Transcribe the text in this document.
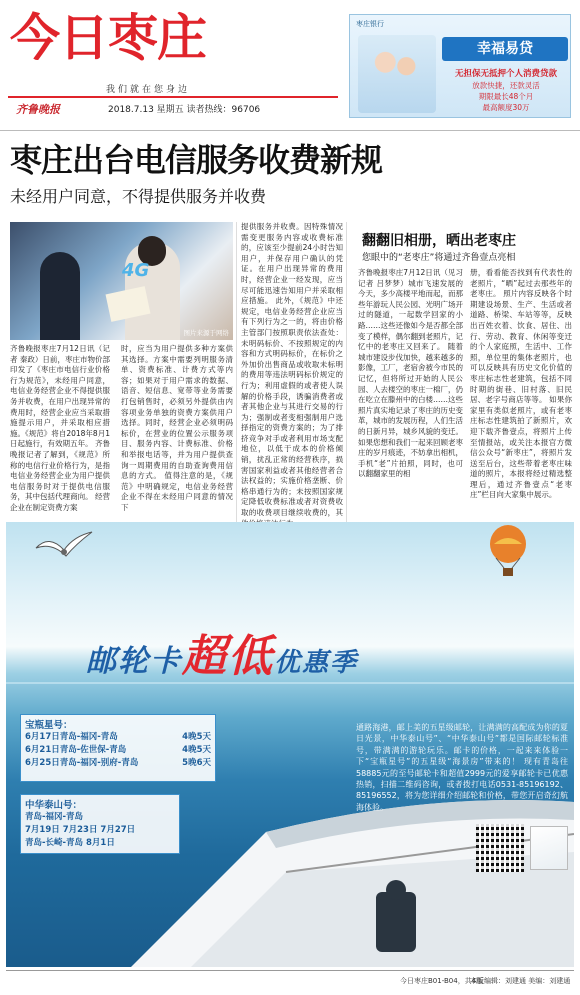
今日枣庄
我们就在您身边
齐鲁晚报	2018.7.13 星期五 读者热线：96706
枣庄银行
幸福易贷
无担保无抵押个人消费贷款
放款快捷，还款灵活
期限最长48个月
最高额度30万
枣庄出台电信服务收费新规
未经用户同意，不得提供服务并收费
4G
图片来源于网络
齐鲁晚报枣庄7月12日讯（记者 秦政）日前，枣庄市物价部印发了《枣庄市电信行业价格行为规范》，未经用户同意，电信业务经营企业不得提供服务并收费，在用户出现异常的费用时，经营企业应当采取措施提示用户，并采取相应措施。《规范》将自2018年8月1日起施行，有效期五年。 齐鲁晚报记者了解到，《规范》所称的电信行业价格行为，是指电信业务经营企业为用户提供电信服务时对于提供电信服务，其中包括代理商向。 经营企业在制定资费方案
时，应当为用户提供多种方案供其选择。方案中需要列明服务清单、资费标准、计费方式等内容；如果对于用户需求的数据、语音、短信息、宽带等业务需要打包销售时，必须另外提供由内容项业务单独的资费方案供用户选择。同时，经营企业必须明码标价，在营业的位置公示服务项目、服务内容、计费标准、价格和举报电话等，并为用户提供查询一周期费用的自助查询费用信息的方式。 值得注意的是，《规范》中明确规定，电信业务经营企业不得在未经用户同意的情况下
提供服务并收费。因特殊情况需变更服务内容或收费标准的，应该至少提前24小时告知用户，并保存用户确认的凭证。在用户出现异常的费用时，经营企业一经发现，应当尽可能迅速告知用户并采取相应措施。 此外，《规范》中还规定，电信业务经营企业应当有下列行为之一的，将由价格主管部门按照职责依法查处：未明码标价、不按照规定的内容和方式明码标价，在标价之外加价出售商品或收取未标明的费用等违法明码标价规定的行为；利用虚假的或者使人误解的价格手段，诱骗消费者或者其他企业与其进行交易的行为；强制或者变相强制用户选择指定的资费方案的；为了排挤竞争对手或者利用市场支配地位，以低于成本的价格倾销，扰乱正常的经营秩序，损害国家利益或者其他经营者合法权益的；实施价格垄断、价格串通行为的；未按照国家规定降低收费标准或者对资费收取的收费项目继续收费的，其
翻翻旧相册，晒出老枣庄
您眼中的“老枣庄”将通过齐鲁壹点亮相
齐鲁晚报枣庄7月12日讯（见习记者 吕梦梦）城市飞速发展的今天，多少高楼平地而起，而那些年游玩人民公园、光明广场开过的隧道，一起数学回家的小路……这些还像如今是否都全部变了模样，偶尔翻到老照片，记忆中的老枣庄又回来了。 随着城市建设步伐加快，越来越多的影像，工厂，老宿舍被今市民的记忆，但将所过开始的人民公园、人去楼空的枣庄一棉厂，仍在吃立在滕州中的白楼……这些照片真实地记录了枣庄的历史变革，城市的发展历程，人们生活的日新月异，城乡风貌的变迁。 如果您想和我们一起来回顾老枣庄的岁月痕迹，不妨拿出相机，手机“老”片拍照，同时，也可以翻翻家里的相
册，看看能否找到有代表性的老照片，“晒”起过去那些年的老枣庄。 照片内容反映各个时期建设场景、生产、生活或者道路、桥梁、车站等等，反映出百姓衣着、饮食、居住、出行、劳动、教育、休闲等变迁的个人家庭照，生活中、工作照，单位里的集体老照片，也可以反映具有历史文化价值的枣庄标志性老建筑，包括不同时期的街巷、旧村落、旧民居、老字号商店等等。 如果你家里有类似老照片，或有老枣庄标志性建筑拍了新照片，欢迎下载齐鲁壹点，将照片上传至情报站，或关注本报官方微信公众号“新枣庄”，将照片发送至后台，这些带着老枣庄味道的照片，本报将经过精选整理后，通过齐鲁壹点“老枣庄”栏目向大家集中展示。
邮轮卡超低优惠季
宝瓶星号：
6月17日青岛-福冈-青岛	4晚5天
6月21日青岛-佐世保-青岛	4晚5天
6月25日青岛-福冈-别府-青岛	5晚6天
中华泰山号：
青岛-福冈-青岛
7月19日 7月23日 7月27日
青岛-长崎-青岛 8月1日
通路海港，邮上美的五星级邮轮，让满满的高配成为你的夏日光景，中华泰山号”、“中华泰山号”都是国际邮轮标准号，带满满的游轮玩乐。邮卡的价格，一起来来体验一下“宝瓶星号”的五星级“海景房”带来的！ 现有青岛往58885元的至号邮轮卡和超值2999元的爱享邮轮卡已优惠热销，扫描二维码咨询，或者拨打电话0531-85196192、85196552，将为您详细介绍邮轮和价格，带您开启奇幻航海体验。
今日枣庄B01-B04，共4版
本版编辑：刘建通 美编：刘建通
